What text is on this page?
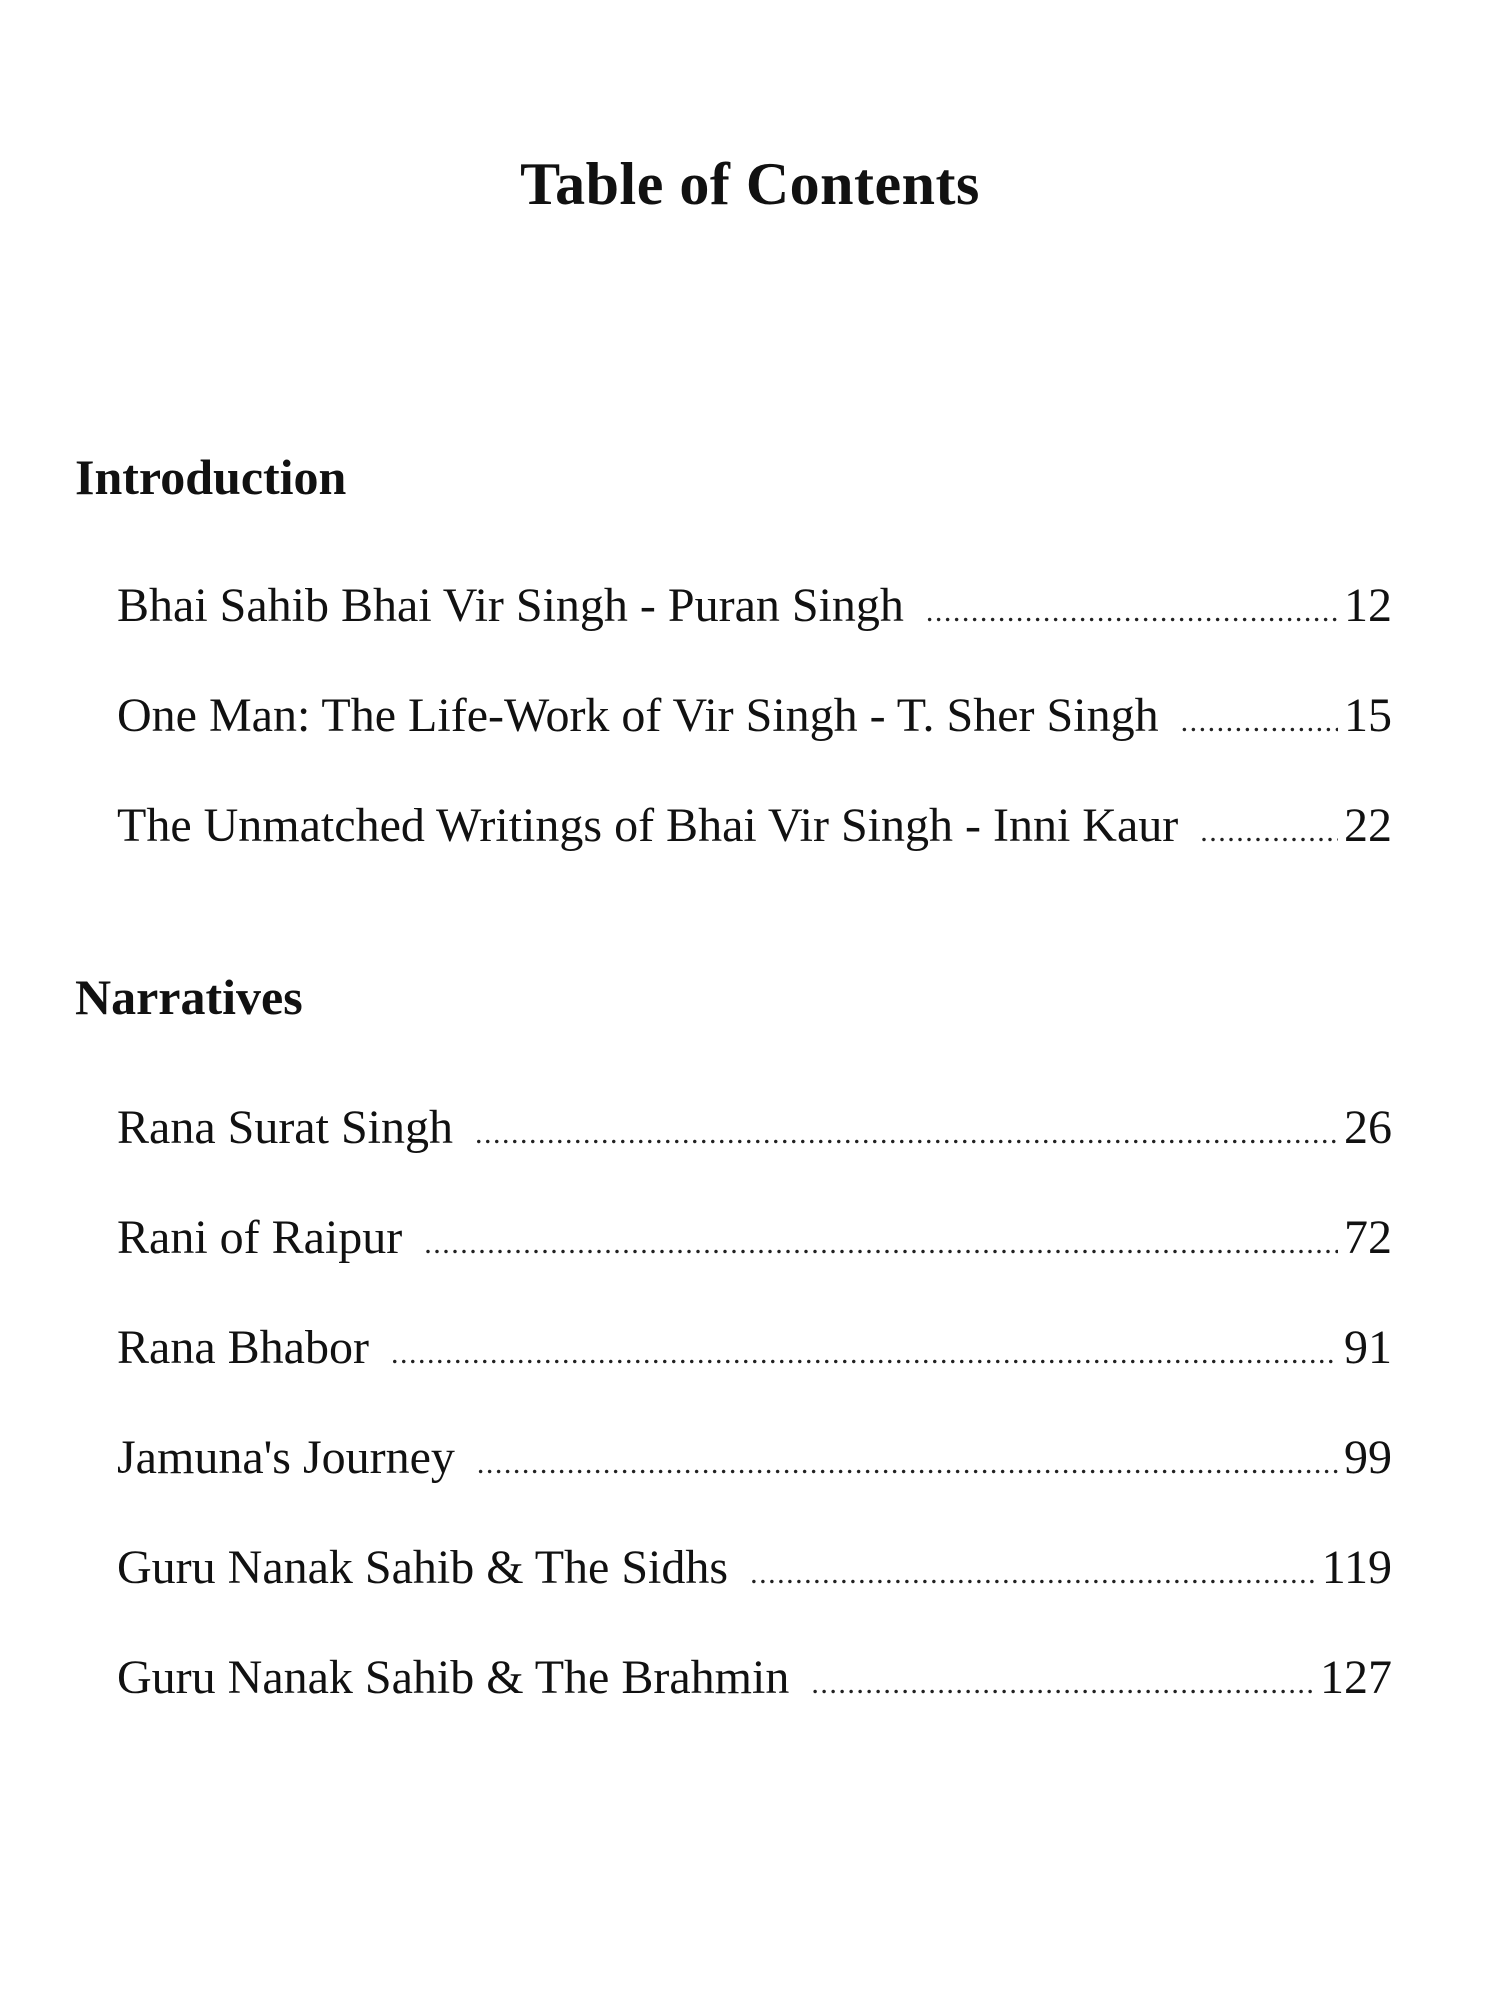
Table of Contents
Introduction
Bhai Sahib Bhai Vir Singh - Puran Singh .....	12
One Man: The Life-Work of Vir Singh - T. Sher Singh .....	15
The Unmatched Writings of Bhai Vir Singh - Inni Kaur .....	22
Narratives
Rana Surat Singh .....	26
Rani of Raipur .....	72
Rana Bhabor .....	91
Jamuna's Journey .....	99
Guru Nanak Sahib & The Sidhs .....	119
Guru Nanak Sahib & The Brahmin .....	127
